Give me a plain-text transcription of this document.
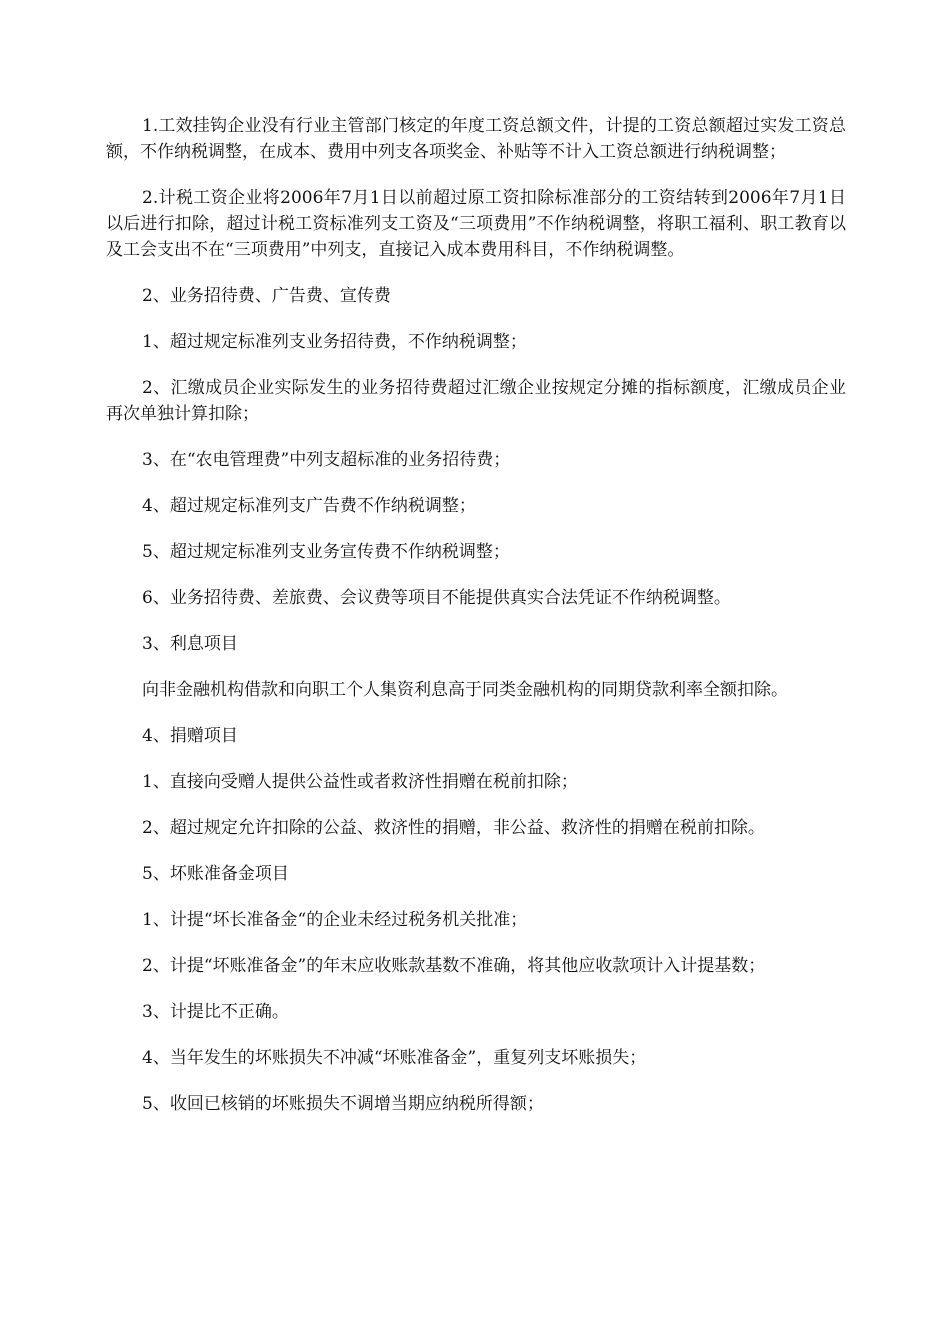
1.工效挂钩企业没有行业主管部门核定的年度工资总额文件，计提的工资总额超过实发工资总额，不作纳税调整，在成本、费用中列支各项奖金、补贴等不计入工资总额进行纳税调整；

2.计税工资企业将2006年7月1日以前超过原工资扣除标准部分的工资结转到2006年7月1日以后进行扣除，超过计税工资标准列支工资及“三项费用”不作纳税调整，将职工福利、职工教育以及工会支出不在“三项费用”中列支，直接记入成本费用科目，不作纳税调整。

2、业务招待费、广告费、宣传费

1、超过规定标准列支业务招待费，不作纳税调整；

2、汇缴成员企业实际发生的业务招待费超过汇缴企业按规定分摊的指标额度，汇缴成员企业再次单独计算扣除；

3、在“农电管理费”中列支超标准的业务招待费；

4、超过规定标准列支广告费不作纳税调整；

5、超过规定标准列支业务宣传费不作纳税调整；

6、业务招待费、差旅费、会议费等项目不能提供真实合法凭证不作纳税调整。

3、利息项目

向非金融机构借款和向职工个人集资利息高于同类金融机构的同期贷款利率全额扣除。

4、捐赠项目

1、直接向受赠人提供公益性或者救济性捐赠在税前扣除；

2、超过规定允许扣除的公益、救济性的捐赠，非公益、救济性的捐赠在税前扣除。

5、坏账准备金项目

1、计提“坏长准备金“的企业未经过税务机关批准；

2、计提“坏账准备金”的年末应收账款基数不准确，将其他应收款项计入计提基数；

3、计提比不正确。

4、当年发生的坏账损失不冲减“坏账准备金”，重复列支坏账损失；

5、收回已核销的坏账损失不调增当期应纳税所得额；
